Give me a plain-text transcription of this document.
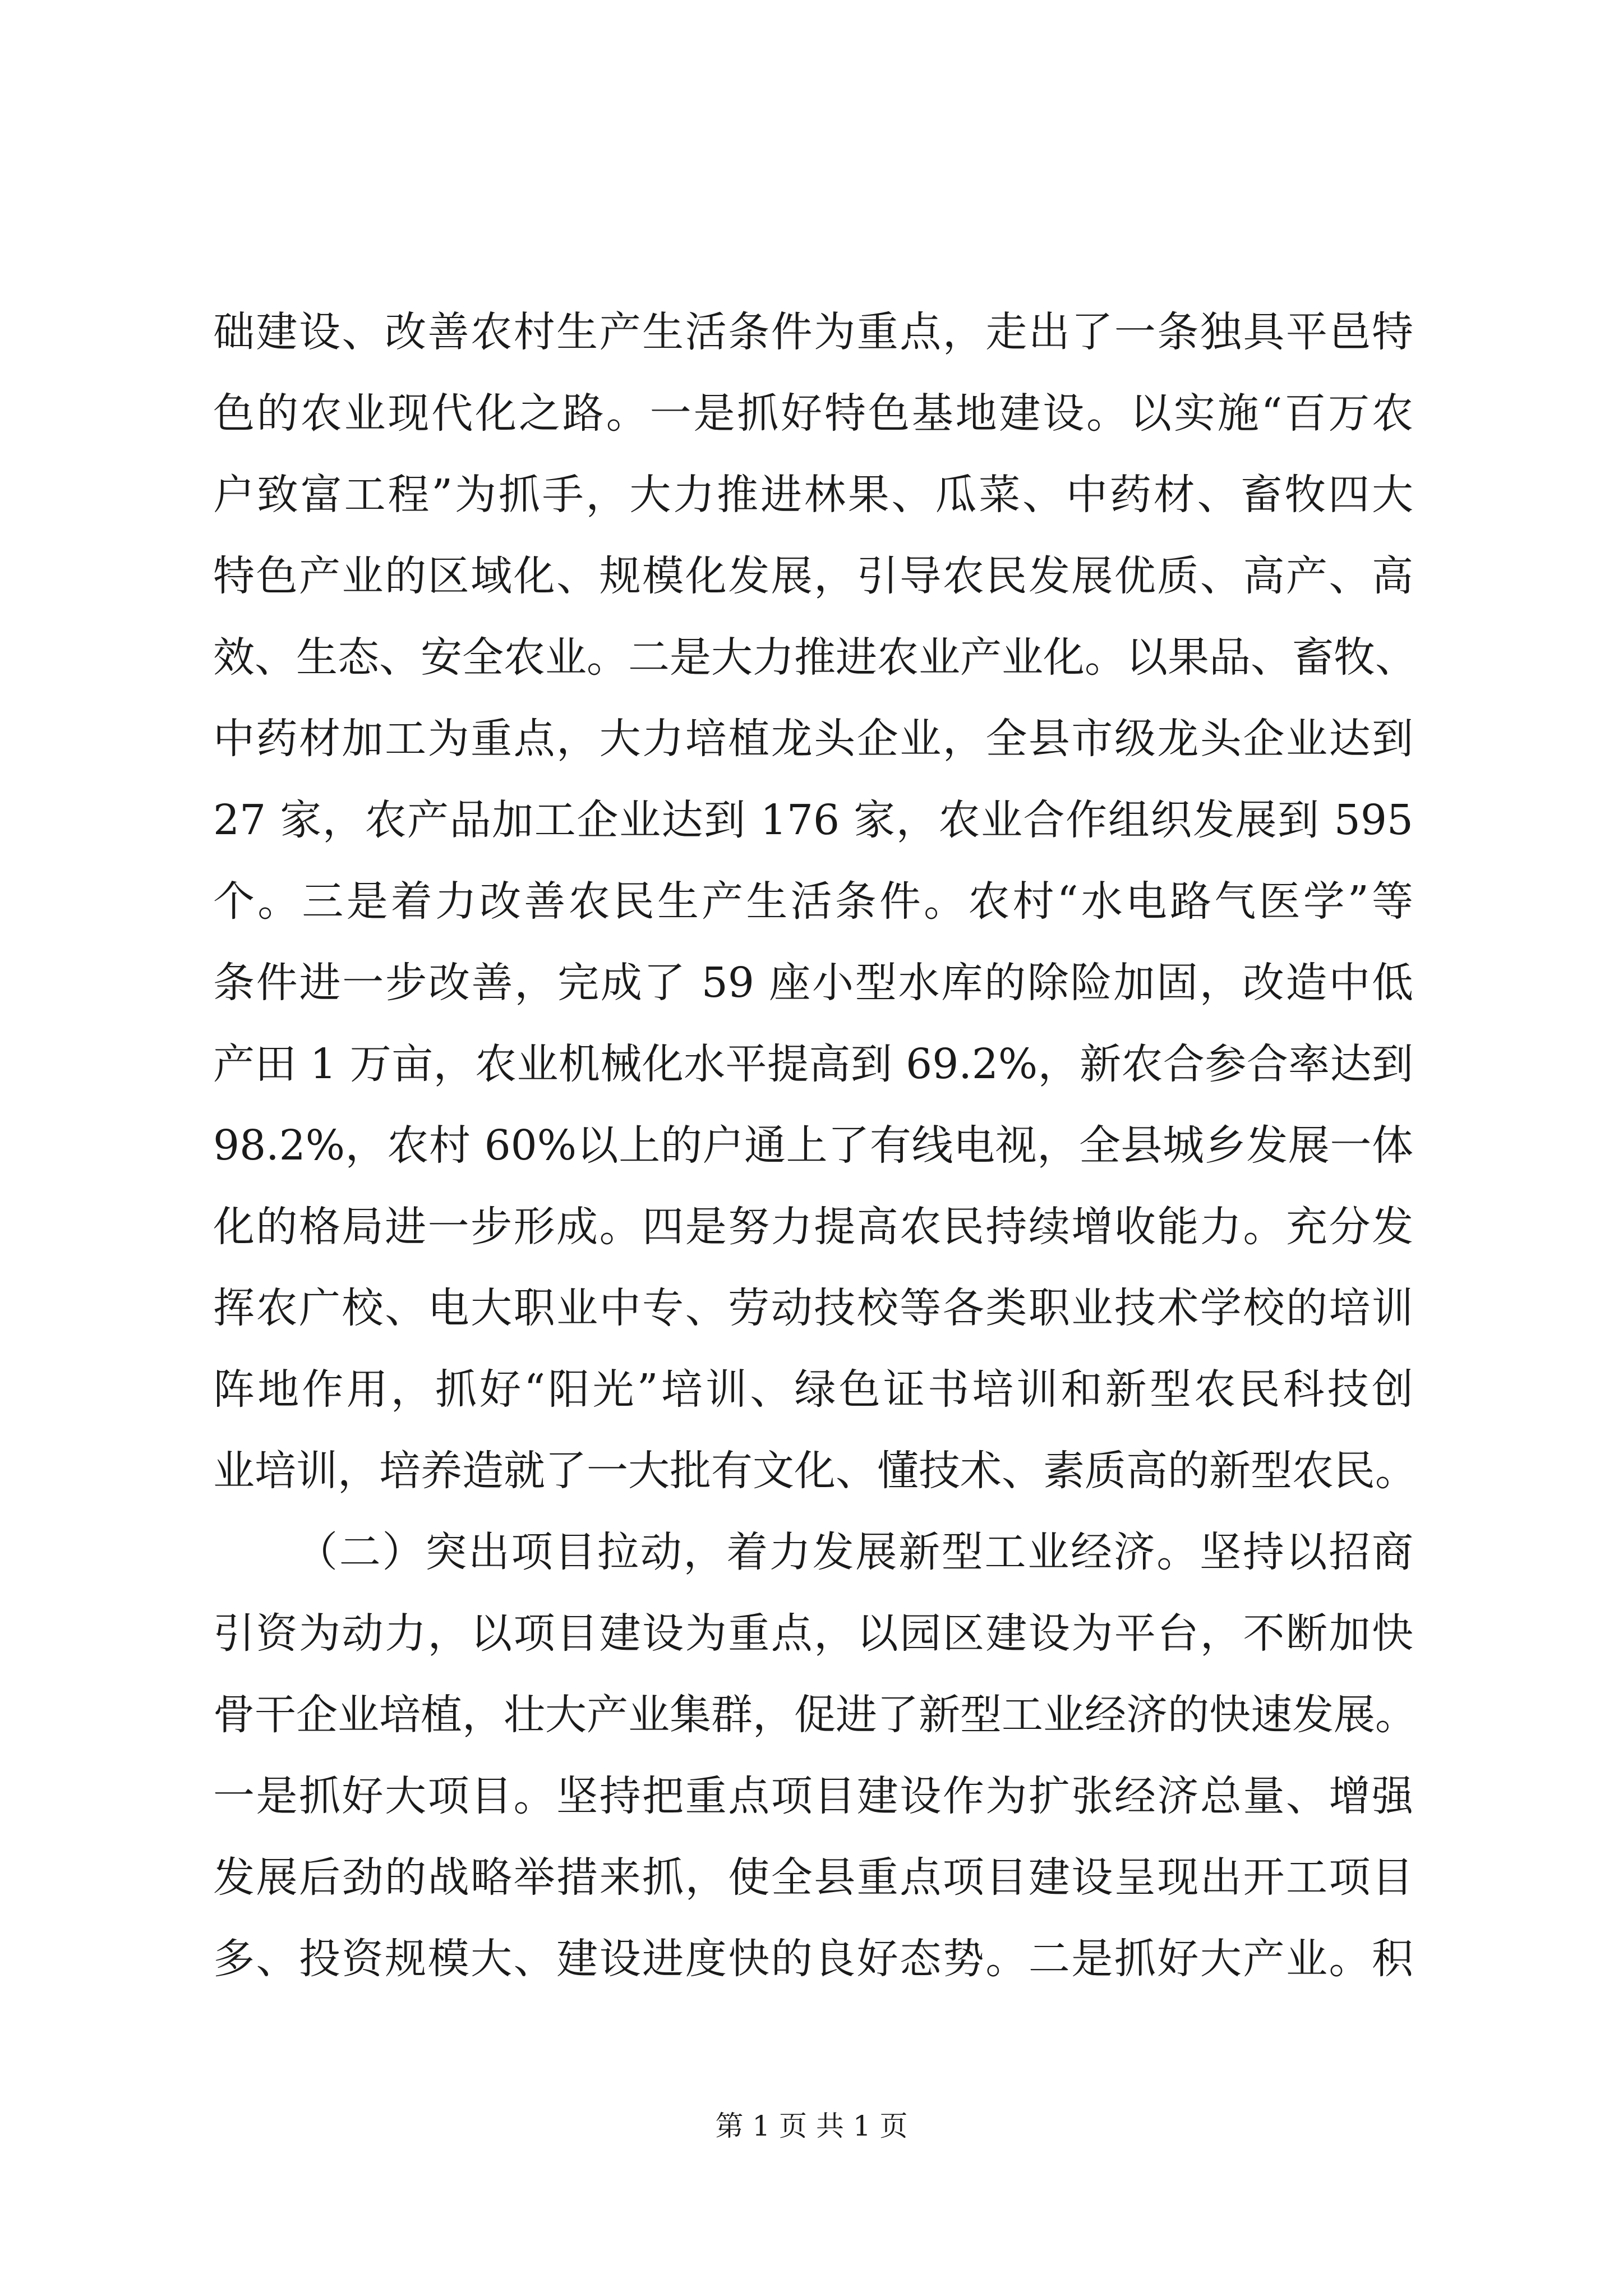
础建设、改善农村生产生活条件为重点，走出了一条独具平邑特
色的农业现代化之路。一是抓好特色基地建设。以实施“百万农
户致富工程”为抓手，大力推进林果、瓜菜、中药材、畜牧四大
特色产业的区域化、规模化发展，引导农民发展优质、高产、高
效、生态、安全农业。二是大力推进农业产业化。以果品、畜牧、
中药材加工为重点，大力培植龙头企业，全县市级龙头企业达到
27 家，农产品加工企业达到 176 家，农业合作组织发展到 595
个。三是着力改善农民生产生活条件。农村“水电路气医学”等
条件进一步改善，完成了 59 座小型水库的除险加固，改造中低
产田 1 万亩，农业机械化水平提高到 69.2%，新农合参合率达到
98.2%，农村 60%以上的户通上了有线电视，全县城乡发展一体
化的格局进一步形成。四是努力提高农民持续增收能力。充分发
挥农广校、电大职业中专、劳动技校等各类职业技术学校的培训
阵地作用，抓好“阳光”培训、绿色证书培训和新型农民科技创
业培训，培养造就了一大批有文化、懂技术、素质高的新型农民。
（二）突出项目拉动，着力发展新型工业经济。坚持以招商
引资为动力，以项目建设为重点，以园区建设为平台，不断加快
骨干企业培植，壮大产业集群，促进了新型工业经济的快速发展。
一是抓好大项目。坚持把重点项目建设作为扩张经济总量、增强
发展后劲的战略举措来抓，使全县重点项目建设呈现出开工项目
多、投资规模大、建设进度快的良好态势。二是抓好大产业。积
第 1 页 共 1 页
